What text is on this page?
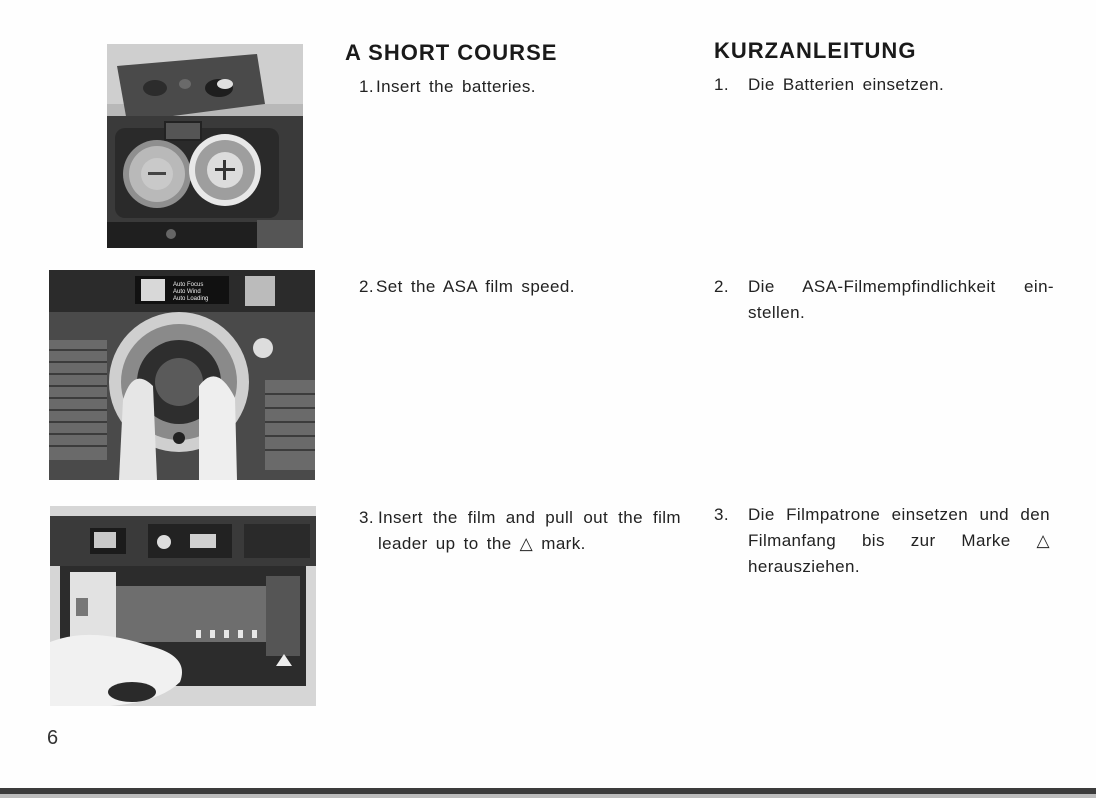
Auto Focus
Auto Wind
Auto Loading
A SHORT COURSE
1. Insert the batteries.
2. Set the ASA film speed.
3. Insert the film and pull out the film leader up to the △ mark.
KURZANLEITUNG
1.	Die Batterien einsetzen.
2.	Die ASA-Filmempfindlichkeit ein-stellen.
3.	Die Filmpatrone einsetzen und den Filmanfang bis zur Marke △ herausziehen.
6
